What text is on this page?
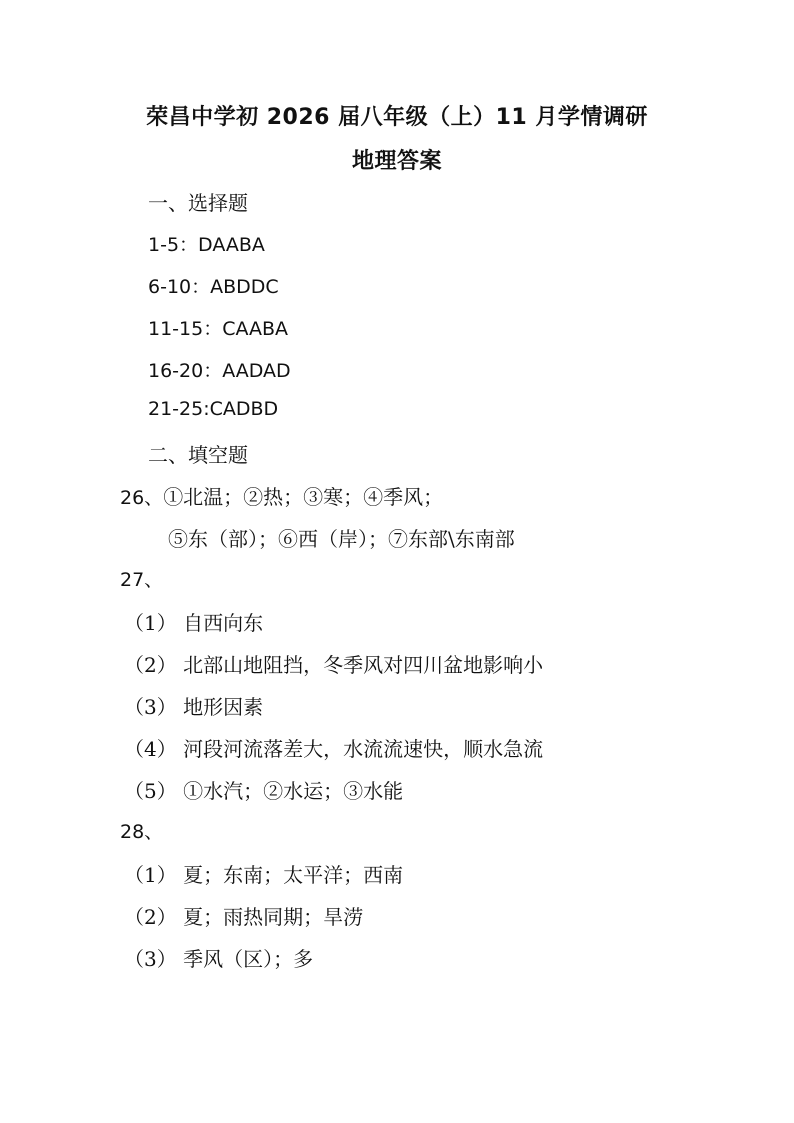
荣昌中学初 2026 届八年级（上）11 月学情调研
地理答案
一、选择题
1-5：DAABA
6-10：ABDDC
11-15：CAABA
16-20：AADAD
21-25:CADBD
二、填空题
26、①北温；②热；③寒；④季风；
⑤东（部）；⑥西（岸）；⑦东部\东南部
27、
（1） 自西向东
（2） 北部山地阻挡，冬季风对四川盆地影响小
（3） 地形因素
（4） 河段河流落差大，水流流速快，顺水急流
（5） ①水汽；②水运；③水能
28、
（1） 夏；东南；太平洋；西南
（2） 夏；雨热同期；旱涝
（3） 季风（区）；多
